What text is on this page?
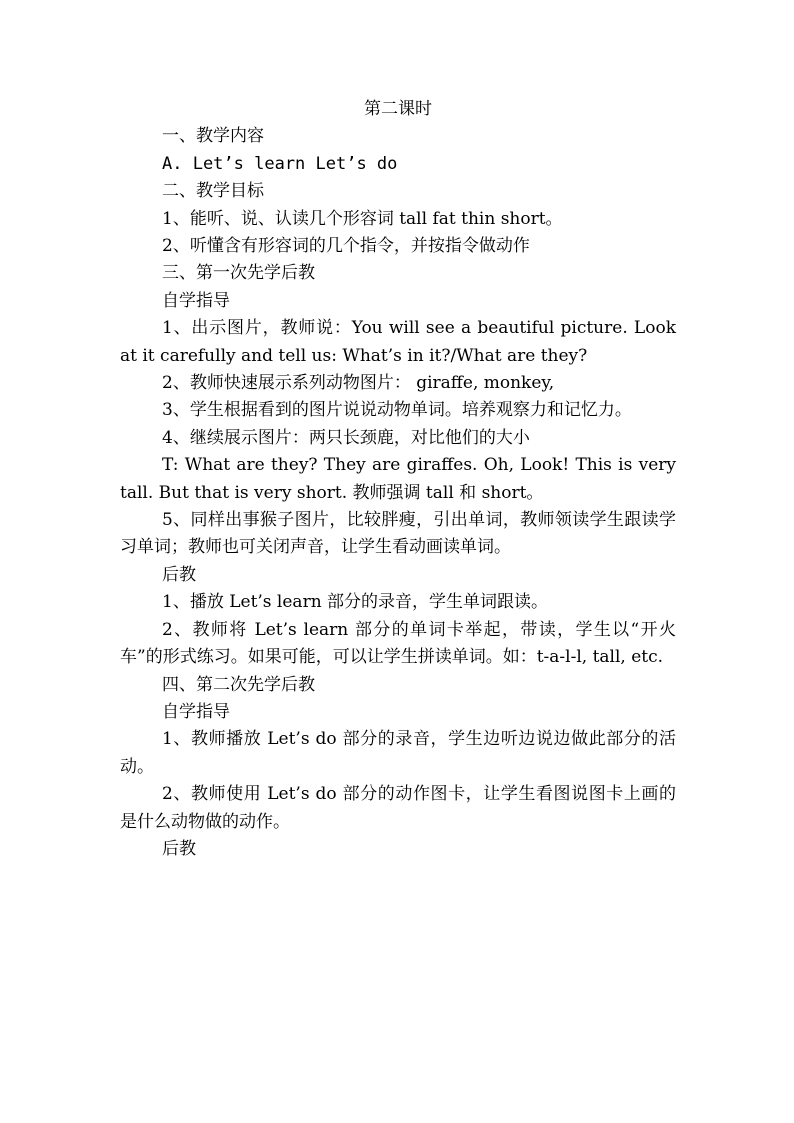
第二课时

一、教学内容

A. Let’s learn Let’s do

二、教学目标

1、能听、说、认读几个形容词 tall fat thin short。

2、听懂含有形容词的几个指令，并按指令做动作

三、第一次先学后教

自学指导

1、出示图片，教师说：You will see a beautiful picture. Look at it carefully and tell us: What’s in it?/What are they?

2、教师快速展示系列动物图片： giraffe, monkey,

3、学生根据看到的图片说说动物单词。培养观察力和记忆力。

4、继续展示图片：两只长颈鹿，对比他们的大小

T: What are they? They are giraffes. Oh, Look! This is very tall. But that is very short. 教师强调 tall 和 short。

5、同样出事猴子图片，比较胖瘦，引出单词，教师领读学生跟读学习单词；教师也可关闭声音，让学生看动画读单词。

后教

1、播放 Let’s learn 部分的录音，学生单词跟读。

2、教师将 Let’s learn 部分的单词卡举起，带读，学生以“开火车”的形式练习。如果可能，可以让学生拼读单词。如：t-a-l-l, tall, etc.

四、第二次先学后教

自学指导

1、教师播放 Let’s do 部分的录音，学生边听边说边做此部分的活动。

2、教师使用 Let’s do 部分的动作图卡，让学生看图说图卡上画的是什么动物做的动作。

后教
